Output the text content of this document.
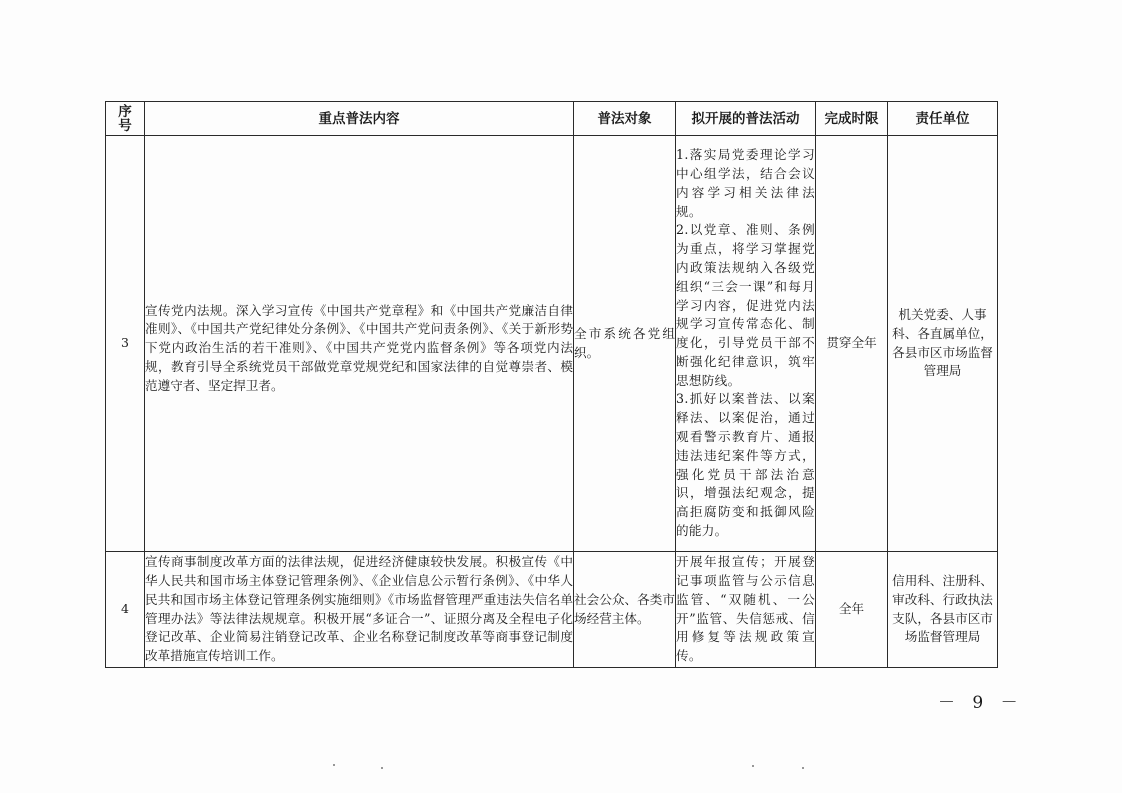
序号	重点普法内容	普法对象	拟开展的普法活动	完成时限	责任单位
3	宣传党内法规。深入学习宣传《中国共产党章程》和《中国共产党廉洁自律准则》、《中国共产党纪律处分条例》、《中国共产党问责条例》、《关于新形势下党内政治生活的若干准则》、《中国共产党党内监督条例》等各项党内法规，教育引导全系统党员干部做党章党规党纪和国家法律的自觉尊崇者、模范遵守者、坚定捍卫者。	全市系统各党组织。	1.落实局党委理论学习中心组学法，结合会议内容学习相关法律法规。
2.以党章、准则、条例为重点，将学习掌握党内政策法规纳入各级党组织“三会一课”和每月学习内容，促进党内法规学习宣传常态化、制度化，引导党员干部不断强化纪律意识，筑牢思想防线。
3.抓好以案普法、以案释法、以案促治，通过观看警示教育片、通报违法违纪案件等方式，强化党员干部法治意识，增强法纪观念，提高拒腐防变和抵御风险的能力。	贯穿全年	机关党委、人事科、各直属单位，各县市区市场监督管理局
4	宣传商事制度改革方面的法律法规，促进经济健康较快发展。积极宣传《中华人民共和国市场主体登记管理条例》、《企业信息公示暂行条例》、《中华人民共和国市场主体登记管理条例实施细则》《市场监督管理严重违法失信名单管理办法》等法律法规规章。积极开展“多证合一”、证照分离及全程电子化登记改革、企业简易注销登记改革、企业名称登记制度改革等商事登记制度改革措施宣传培训工作。	社会公众、各类市场经营主体。	开展年报宣传；开展登记事项监管与公示信息监管、“双随机、一公开”监管、失信惩戒、信用修复等法规政策宣传。	全年	信用科、注册科、审改科、行政执法支队，各县市区市场监督管理局
－ 9 －
